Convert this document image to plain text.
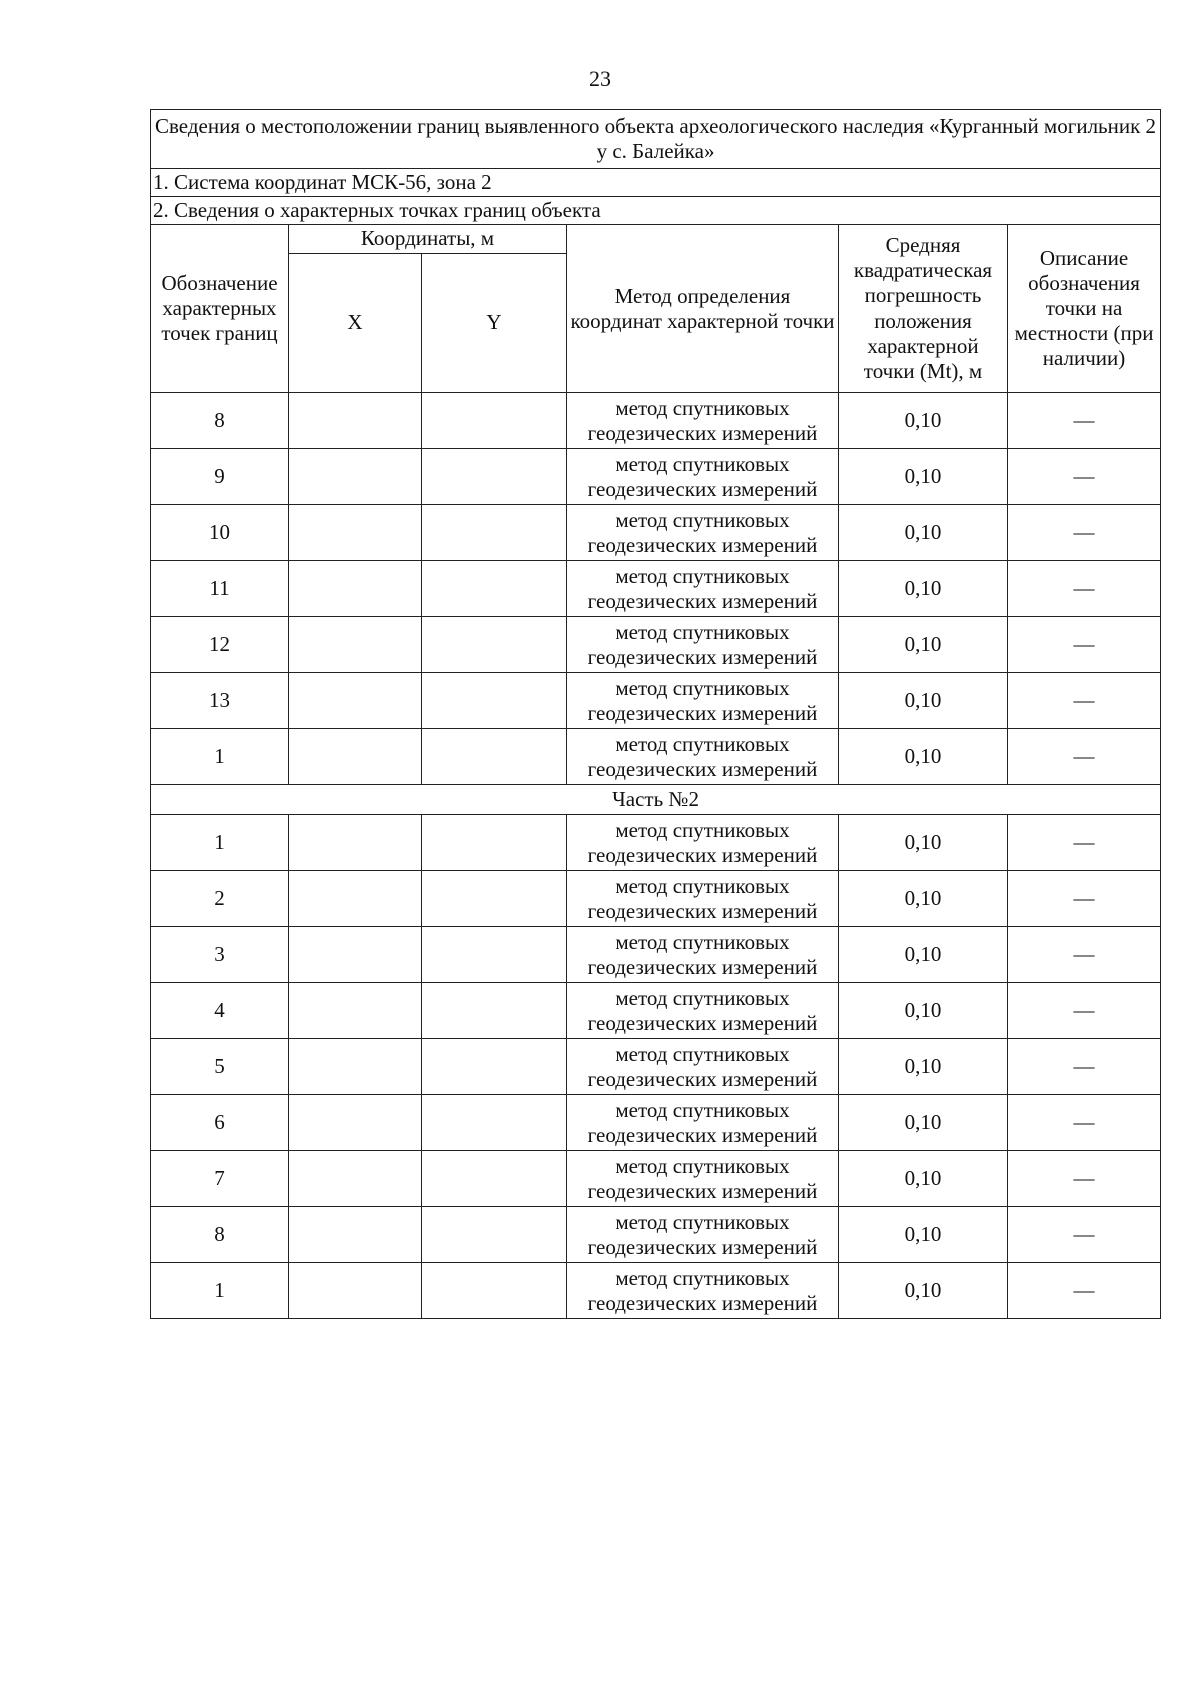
23
Сведения о местоположении границ выявленного объекта археологического наследия «Курганный могильник 2 у с. Балейка»					
1. Система координат МСК-56, зона 2					
2. Сведения о характерных точках границ объекта					
Обозначение характерных точек границ	Координаты, м		Метод определения координат характерной точки	Средняя квадратическая погрешность положения характерной точки (Mt), м	Описание обозначения точки на местности (при наличии)
	X	Y			
8			метод спутниковых геодезических измерений	0,10	—
9			метод спутниковых геодезических измерений	0,10	—
10			метод спутниковых геодезических измерений	0,10	—
11			метод спутниковых геодезических измерений	0,10	—
12			метод спутниковых геодезических измерений	0,10	—
13			метод спутниковых геодезических измерений	0,10	—
1			метод спутниковых геодезических измерений	0,10	—
Часть №2					
1			метод спутниковых геодезических измерений	0,10	—
2			метод спутниковых геодезических измерений	0,10	—
3			метод спутниковых геодезических измерений	0,10	—
4			метод спутниковых геодезических измерений	0,10	—
5			метод спутниковых геодезических измерений	0,10	—
6			метод спутниковых геодезических измерений	0,10	—
7			метод спутниковых геодезических измерений	0,10	—
8			метод спутниковых геодезических измерений	0,10	—
1			метод спутниковых геодезических измерений	0,10	—
